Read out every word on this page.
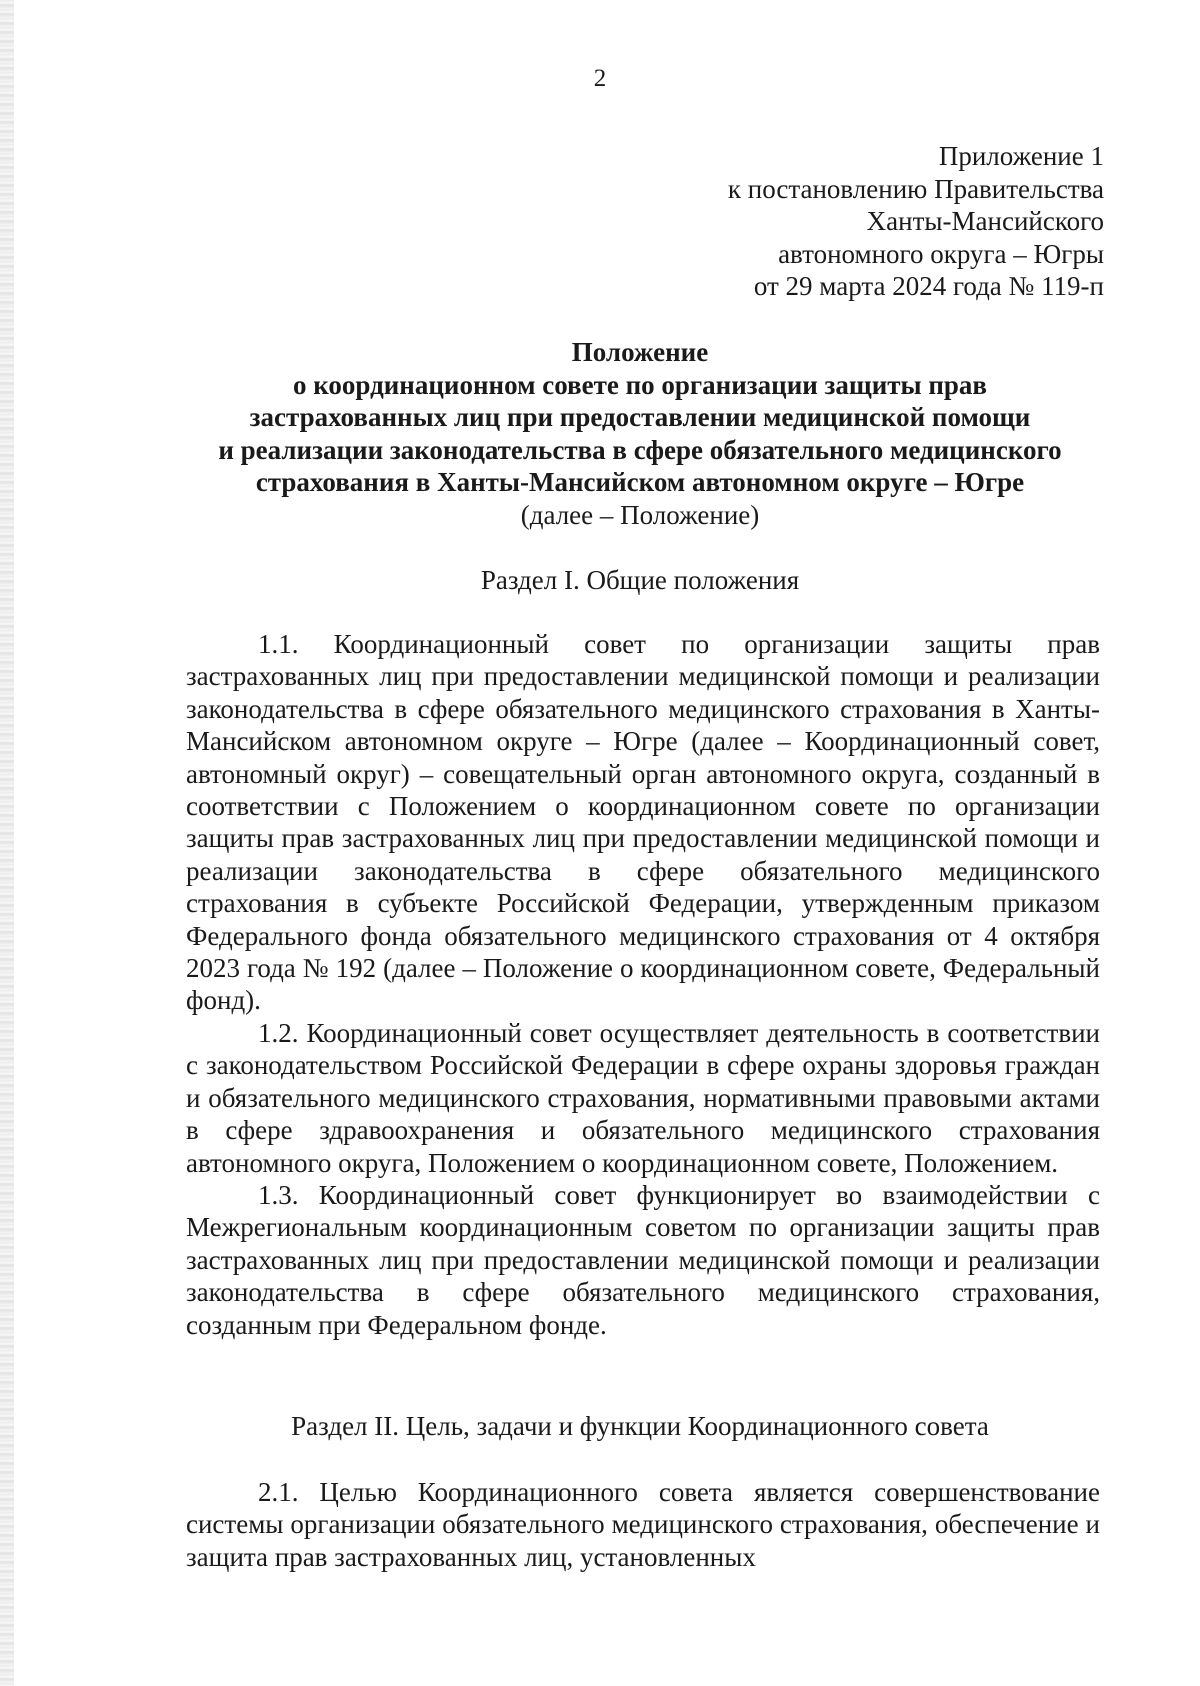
2
Приложение 1
к постановлению Правительства
Ханты-Мансийского
автономного округа – Югры
от 29 марта 2024 года № 119-п
Положение
о координационном совете по организации защиты прав
застрахованных лиц при предоставлении медицинской помощи
и реализации законодательства в сфере обязательного медицинского
страхования в Ханты-Мансийском автономном округе – Югре
(далее – Положение)
Раздел I. Общие положения

1.1. Координационный совет по организации защиты прав застрахованных лиц при предоставлении медицинской помощи и реализации законодательства в сфере обязательного медицинского страхования в Ханты-Мансийском автономном округе – Югре (далее – Координационный совет, автономный округ) – совещательный орган автономного округа, созданный в соответствии с Положением о координационном совете по организации защиты прав застрахованных лиц при предоставлении медицинской помощи и реализации законодательства в сфере обязательного медицинского страхования в субъекте Российской Федерации, утвержденным приказом Федерального фонда обязательного медицинского страхования от 4 октября 2023 года № 192 (далее – Положение о координационном совете, Федеральный фонд).

1.2. Координационный совет осуществляет деятельность в соответствии с законодательством Российской Федерации в сфере охраны здоровья граждан и обязательного медицинского страхования, нормативными правовыми актами в сфере здравоохранения и обязательного медицинского страхования автономного округа, Положением о координационном совете, Положением.

1.3. Координационный совет функционирует во взаимодействии с Межрегиональным координационным советом по организации защиты прав застрахованных лиц при предоставлении медицинской помощи и реализации законодательства в сфере обязательного медицинского страхования, созданным при Федеральном фонде.

Раздел II. Цель, задачи и функции Координационного совета

2.1. Целью Координационного совета является совершенствование системы организации обязательного медицинского страхования, обеспечение и защита прав застрахованных лиц, установленных
